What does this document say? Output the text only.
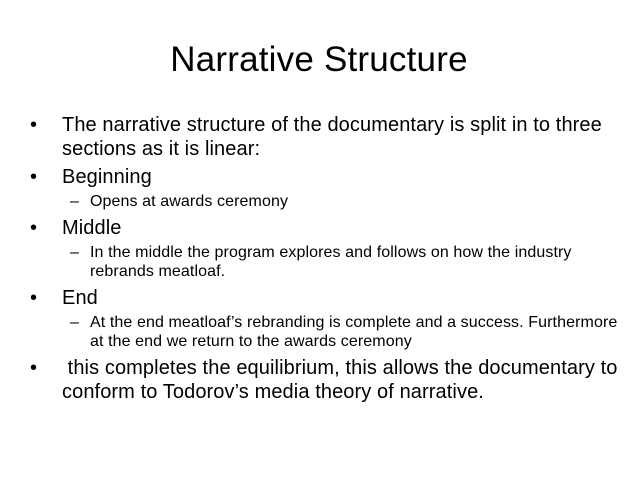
Narrative Structure
• The narrative structure of the documentary is split in to three sections as it is linear:
• Beginning
– Opens at awards ceremony
• Middle
– In the middle the program explores and follows on how the industry rebrands meatloaf.
• End
– At the end meatloaf’s rebranding is complete and a success. Furthermore at the end we return to the awards ceremony
• this completes the equilibrium, this allows the documentary to conform to Todorov’s media theory of narrative.
